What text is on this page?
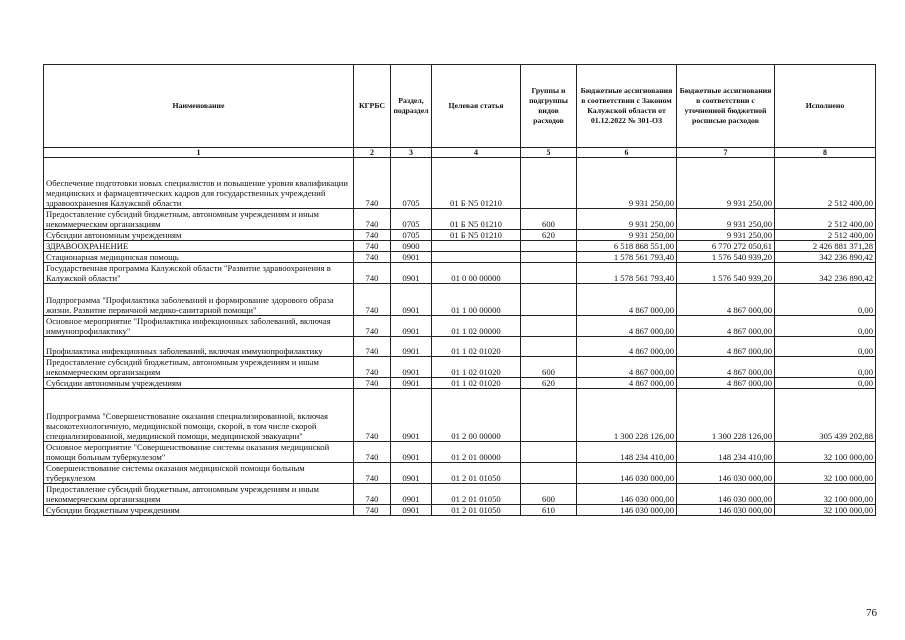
Наименование	КГРБС	Раздел, подраздел	Целевая статья	Группы и подгруппы видов расходов	Бюджетные ассигнования в соответствии с Законом Калужской области от 01.12.2022 № 301-ОЗ	Бюджетные ассигнования в соответствии с уточненной бюджетной росписью расходов	Исполнено
1	2	3	4	5	6	7	8
Обеспечение подготовки новых специалистов и повышение уровня квалификации медицинских и фармацевтических кадров для государственных учреждений здравоохранения Калужской области	740	0705	01 Б N5 01210		9 931 250,00	9 931 250,00	2 512 400,00
Предоставление субсидий бюджетным, автономным учреждениям и иным некоммерческим организациям	740	0705	01 Б N5 01210	600	9 931 250,00	9 931 250,00	2 512 400,00
Субсидии автономным учреждениям	740	0705	01 Б N5 01210	620	9 931 250,00	9 931 250,00	2 512 400,00
ЗДРАВООХРАНЕНИЕ	740	0900			6 518 868 551,00	6 770 272 050,61	2 426 881 371,28
Стационарная медицинская помощь	740	0901			1 578 561 793,40	1 576 540 939,20	342 236 890,42
Государственная программа Калужской области "Развитие здравоохранения в Калужской области"	740	0901	01 0 00 00000		1 578 561 793,40	1 576 540 939,20	342 236 890,42
Подпрограмма "Профилактика заболеваний и формирование здорового образа жизни. Развитие первичной медико-санитарной помощи"	740	0901	01 1 00 00000		4 867 000,00	4 867 000,00	0,00
Основное мероприятие "Профилактика инфекционных заболеваний, включая иммунопрофилактику"	740	0901	01 1 02 00000		4 867 000,00	4 867 000,00	0,00
Профилактика инфекционных заболеваний, включая иммунопрофилактику	740	0901	01 1 02 01020		4 867 000,00	4 867 000,00	0,00
Предоставление субсидий бюджетным, автономным учреждениям и иным некоммерческим организациям	740	0901	01 1 02 01020	600	4 867 000,00	4 867 000,00	0,00
Субсидии автономным учреждениям	740	0901	01 1 02 01020	620	4 867 000,00	4 867 000,00	0,00
Подпрограмма "Совершенствование оказания специализированной, включая высокотехнологичную, медицинской помощи, скорой, в том числе скорой специализированной, медицинской помощи, медицинской эвакуации"	740	0901	01 2 00 00000		1 300 228 126,00	1 300 228 126,00	305 439 202,88
Основное мероприятие "Совершенствование системы оказания медицинской помощи больным туберкулезом"	740	0901	01 2 01 00000		148 234 410,00	148 234 410,00	32 100 000,00
Совершенствование системы оказания медицинской помощи больным туберкулезом	740	0901	01 2 01 01050		146 030 000,00	146 030 000,00	32 100 000,00
Предоставление субсидий бюджетным, автономным учреждениям и иным некоммерческим организациям	740	0901	01 2 01 01050	600	146 030 000,00	146 030 000,00	32 100 000,00
Субсидии бюджетным учреждениям	740	0901	01 2 01 01050	610	146 030 000,00	146 030 000,00	32 100 000,00
76
